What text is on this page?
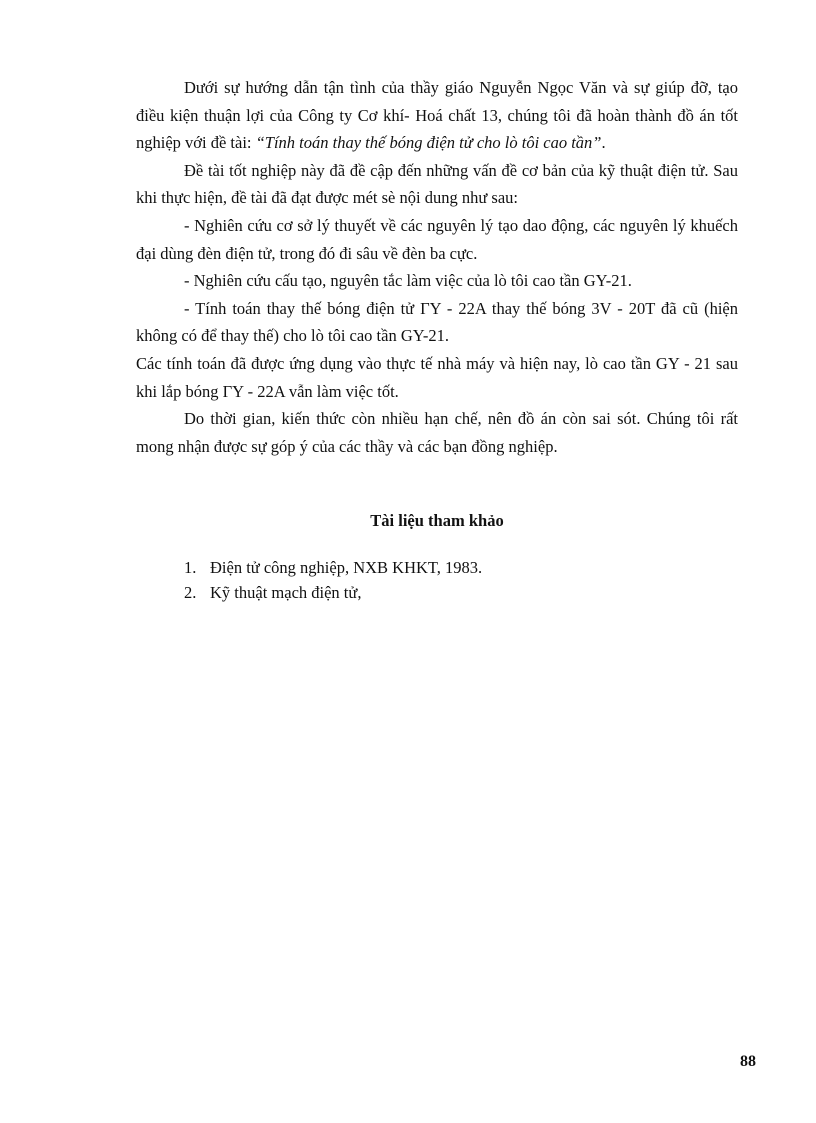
Dưới sự hướng dẫn tận tình của thầy giáo Nguyễn Ngọc Văn và sự giúp đỡ, tạo điều kiện thuận lợi của Công ty Cơ khí- Hoá chất 13, chúng tôi đã hoàn thành đồ án tốt nghiệp với đề tài: “Tính toán thay thế bóng điện tử cho lò tôi cao tần”.

Đề tài tốt nghiệp này đã đề cập đến những vấn đề cơ bản của kỹ thuật điện tử. Sau khi thực hiện, đề tài đã đạt được mét sè nội dung như sau:

- Nghiên cứu cơ sở lý thuyết về các nguyên lý tạo dao động, các nguyên lý khuếch đại dùng đèn điện tử, trong đó đi sâu về đèn ba cực.

- Nghiên cứu cấu tạo, nguyên tắc làm việc của lò tôi cao tần GY-21.

- Tính toán thay thế bóng điện tử ΓY - 22A thay thế bóng 3V - 20T đã cũ (hiện không có để thay thế) cho lò tôi cao tần GY-21.

Các tính toán đã được ứng dụng vào thực tế nhà máy và hiện nay, lò cao tần GY - 21 sau khi lắp bóng ΓY - 22A vẫn làm việc tốt.

Do thời gian, kiến thức còn nhiều hạn chế, nên đồ án còn sai sót. Chúng tôi rất mong nhận được sự góp ý của các thầy và các bạn đồng nghiệp.

Tài liệu tham khảo
1. Điện tử công nghiệp, NXB KHKT, 1983.
2. Kỹ thuật mạch điện tử,
88
